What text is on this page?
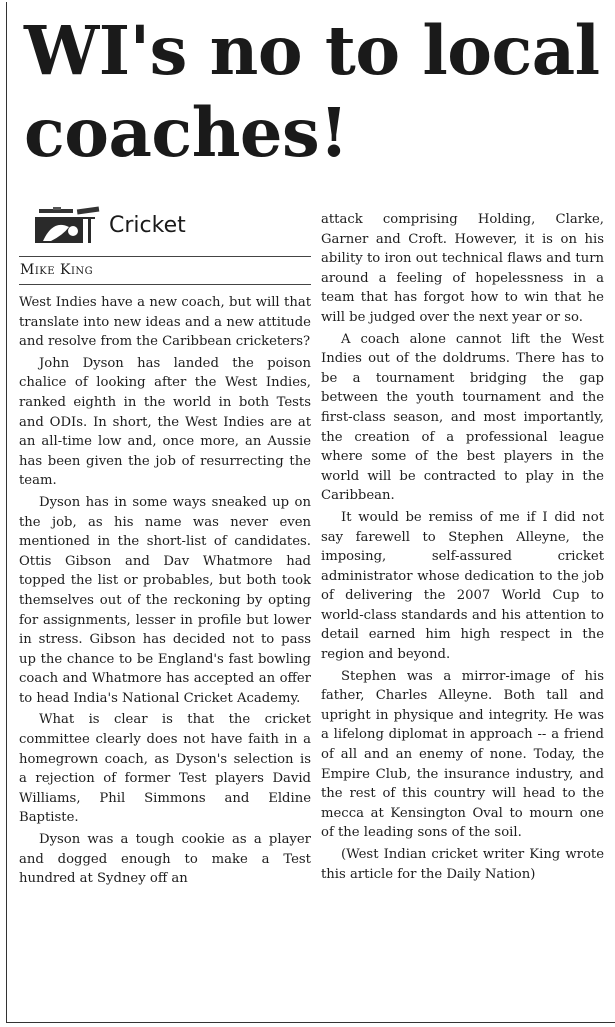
WI's no to local coaches!
Cricket
Mike King

West Indies have a new coach, but will that translate into new ideas and a new attitude and resolve from the Caribbean cricketers?

John Dyson has landed the poison chalice of looking after the West Indies, ranked eighth in the world in both Tests and ODIs. In short, the West Indies are at an all-time low and, once more, an Aussie has been given the job of resurrecting the team.

Dyson has in some ways sneaked up on the job, as his name was never even mentioned in the short-list of candidates. Ottis Gibson and Dav Whatmore had topped the list or probables, but both took themselves out of the reckoning by opting for assignments, lesser in profile but lower in stress. Gibson has decided not to pass up the chance to be England's fast bowling coach and Whatmore has accepted an offer to head India's National Cricket Academy.

What is clear is that the cricket committee clearly does not have faith in a homegrown coach, as Dyson's selection is a rejection of former Test players David Williams, Phil Simmons and Eldine Baptiste.

Dyson was a tough cookie as a player and dogged enough to make a Test hundred at Sydney off an

attack comprising Holding, Clarke, Garner and Croft. However, it is on his ability to iron out technical flaws and turn around a feeling of hopelessness in a team that has forgot how to win that he will be judged over the next year or so.

A coach alone cannot lift the West Indies out of the doldrums. There has to be a tournament bridging the gap between the youth tournament and the first-class season, and most importantly, the creation of a professional league where some of the best players in the world will be contracted to play in the Caribbean.

It would be remiss of me if I did not say farewell to Stephen Alleyne, the imposing, self-assured cricket administrator whose dedication to the job of delivering the 2007 World Cup to world-class standards and his attention to detail earned him high respect in the region and beyond.

Stephen was a mirror-image of his father, Charles Alleyne. Both tall and upright in physique and integrity. He was a lifelong diplomat in approach -- a friend of all and an enemy of none. Today, the Empire Club, the insurance industry, and the rest of this country will head to the mecca at Kensington Oval to mourn one of the leading sons of the soil.

(West Indian cricket writer King wrote this article for the Daily Nation)
